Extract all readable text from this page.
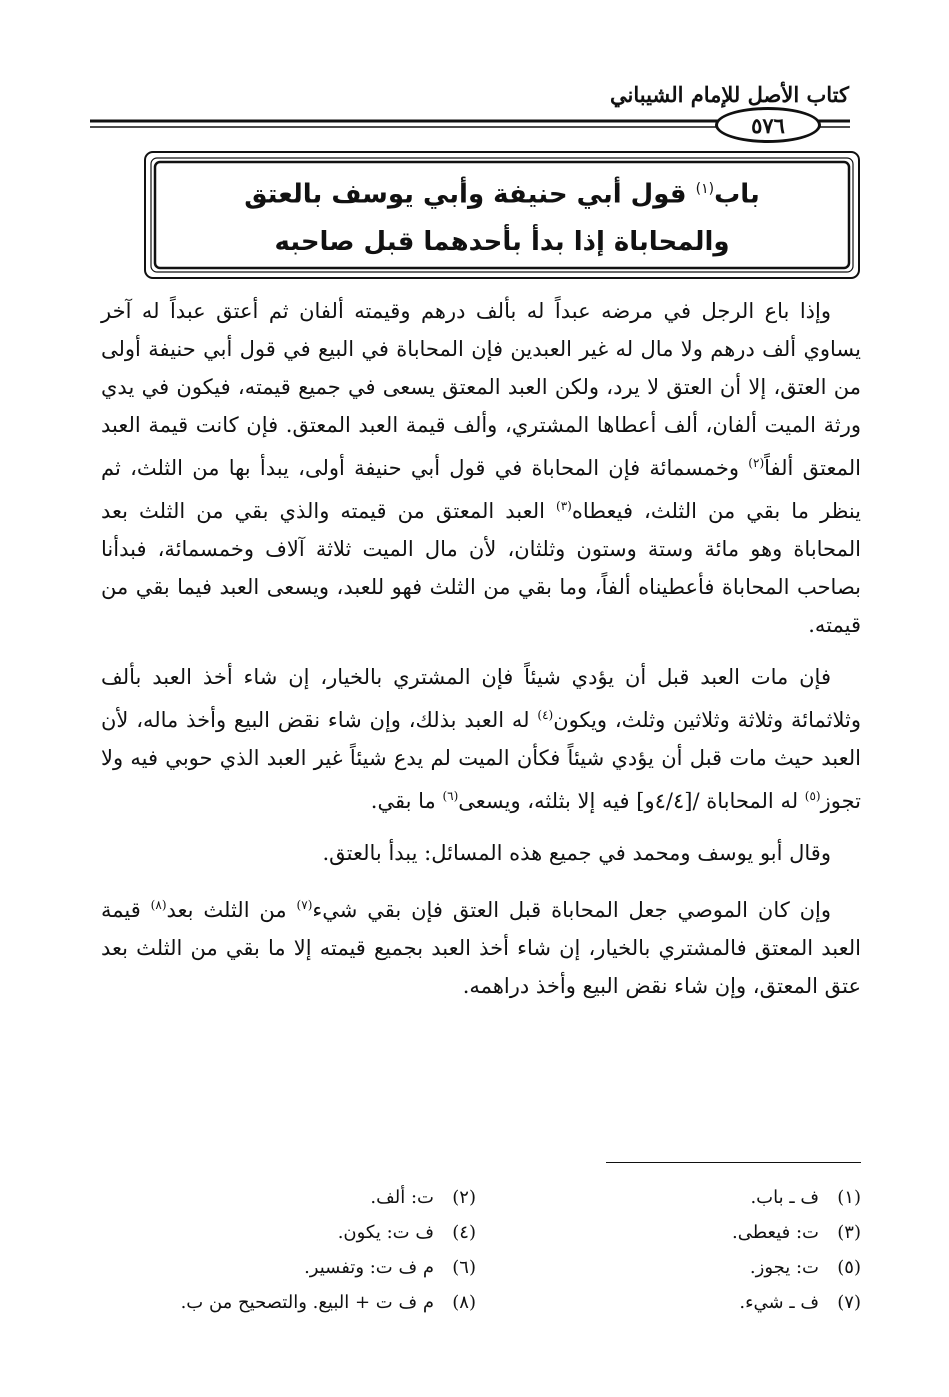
كتاب الأصل للإمام الشيباني
٥٧٦
باب$^{(١)}$ قول أبي حنيفة وأبي يوسف بالعتق
والمحاباة إذا بدأ بأحدهما قبل صاحبه

وإذا باع الرجل في مرضه عبداً له بألف درهم وقيمته ألفان ثم أعتق عبداً له آخر يساوي ألف درهم ولا مال له غير العبدين فإن المحاباة في البيع في قول أبي حنيفة أولى من العتق، إلا أن العتق لا يرد، ولكن العبد المعتق يسعى في جميع قيمته، فيكون في يدي ورثة الميت ألفان، ألف أعطاها المشتري، وألف قيمة العبد المعتق. فإن كانت قيمة العبد المعتق ألفاً$^{(٢)}$ وخمسمائة فإن المحاباة في قول أبي حنيفة أولى، يبدأ بها من الثلث، ثم ينظر ما بقي من الثلث، فيعطاه$^{(٣)}$ العبد المعتق من قيمته والذي بقي من الثلث بعد المحاباة وهو مائة وستة وستون وثلثان، لأن مال الميت ثلاثة آلاف وخمسمائة، فبدأنا بصاحب المحاباة فأعطيناه ألفاً، وما بقي من الثلث فهو للعبد، ويسعى العبد فيما بقي من قيمته.

فإن مات العبد قبل أن يؤدي شيئاً فإن المشتري بالخيار، إن شاء أخذ العبد بألف وثلاثمائة وثلاثة وثلاثين وثلث، ويكون$^{(٤)}$ له العبد بذلك، وإن شاء نقض البيع وأخذ ماله، لأن العبد حيث مات قبل أن يؤدي شيئاً فكأن الميت لم يدع شيئاً غير العبد الذي حوبي فيه ولا تجوز$^{(٥)}$ له المحاباة /[٤/٤و] فيه إلا بثلثه، ويسعى$^{(٦)}$ ما بقي.

وقال أبو يوسف ومحمد في جميع هذه المسائل: يبدأ بالعتق.

وإن كان الموصي جعل المحاباة قبل العتق فإن بقي شيء$^{(٧)}$ من الثلث بعد$^{(٨)}$ قيمة العبد المعتق فالمشتري بالخيار، إن شاء أخذ العبد بجميع قيمته إلا ما بقي من الثلث بعد عتق المعتق، وإن شاء نقض البيع وأخذ دراهمه.

(١)ف ـ باب.
(٢)ت: ألف.
(٣)ت: فيعطى.
(٤)ف ت: يكون.
(٥)ت: يجوز.
(٦)م ف ت: وتفسير.
(٧)ف ـ شيء.
(٨)م ف ت + البيع. والتصحيح من ب.
